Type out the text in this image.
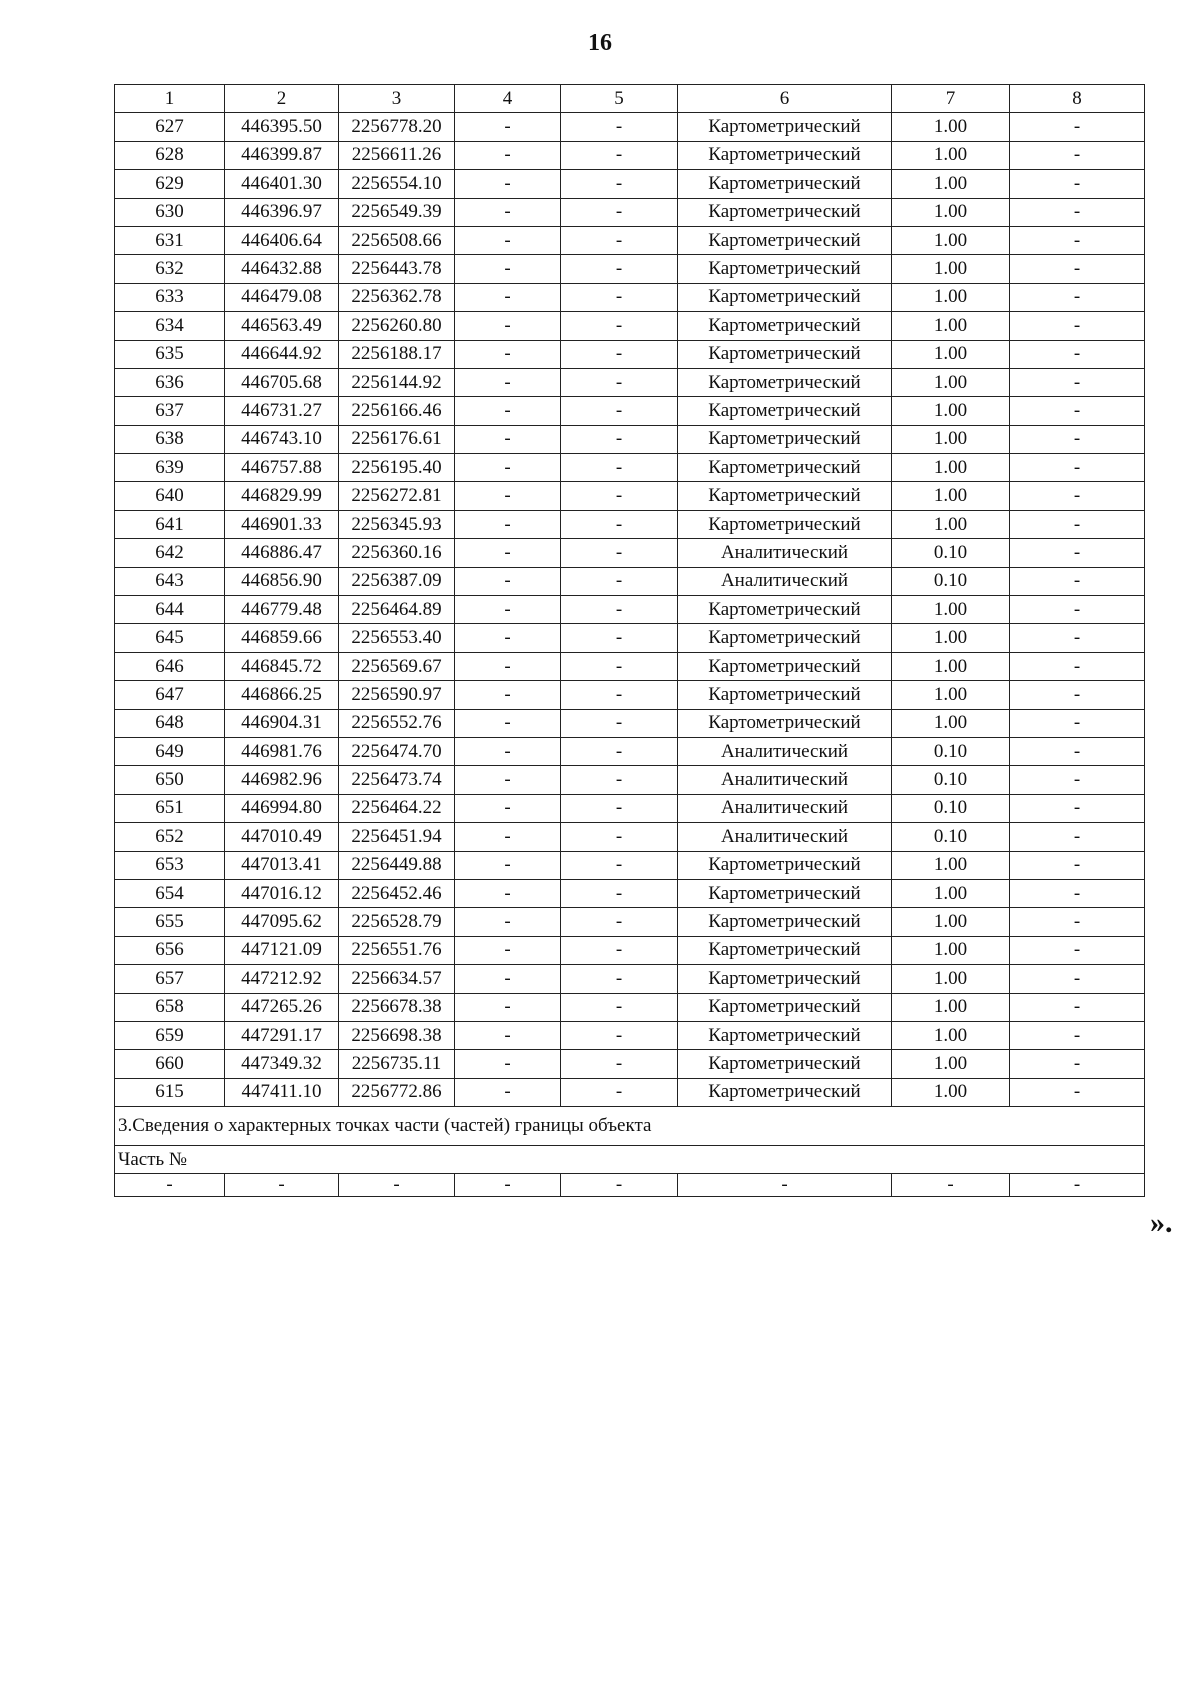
16
1	2	3	4	5	6	7	8
627	446395.50	2256778.20	-	-	Картометрический	1.00	-
628	446399.87	2256611.26	-	-	Картометрический	1.00	-
629	446401.30	2256554.10	-	-	Картометрический	1.00	-
630	446396.97	2256549.39	-	-	Картометрический	1.00	-
631	446406.64	2256508.66	-	-	Картометрический	1.00	-
632	446432.88	2256443.78	-	-	Картометрический	1.00	-
633	446479.08	2256362.78	-	-	Картометрический	1.00	-
634	446563.49	2256260.80	-	-	Картометрический	1.00	-
635	446644.92	2256188.17	-	-	Картометрический	1.00	-
636	446705.68	2256144.92	-	-	Картометрический	1.00	-
637	446731.27	2256166.46	-	-	Картометрический	1.00	-
638	446743.10	2256176.61	-	-	Картометрический	1.00	-
639	446757.88	2256195.40	-	-	Картометрический	1.00	-
640	446829.99	2256272.81	-	-	Картометрический	1.00	-
641	446901.33	2256345.93	-	-	Картометрический	1.00	-
642	446886.47	2256360.16	-	-	Аналитический	0.10	-
643	446856.90	2256387.09	-	-	Аналитический	0.10	-
644	446779.48	2256464.89	-	-	Картометрический	1.00	-
645	446859.66	2256553.40	-	-	Картометрический	1.00	-
646	446845.72	2256569.67	-	-	Картометрический	1.00	-
647	446866.25	2256590.97	-	-	Картометрический	1.00	-
648	446904.31	2256552.76	-	-	Картометрический	1.00	-
649	446981.76	2256474.70	-	-	Аналитический	0.10	-
650	446982.96	2256473.74	-	-	Аналитический	0.10	-
651	446994.80	2256464.22	-	-	Аналитический	0.10	-
652	447010.49	2256451.94	-	-	Аналитический	0.10	-
653	447013.41	2256449.88	-	-	Картометрический	1.00	-
654	447016.12	2256452.46	-	-	Картометрический	1.00	-
655	447095.62	2256528.79	-	-	Картометрический	1.00	-
656	447121.09	2256551.76	-	-	Картометрический	1.00	-
657	447212.92	2256634.57	-	-	Картометрический	1.00	-
658	447265.26	2256678.38	-	-	Картометрический	1.00	-
659	447291.17	2256698.38	-	-	Картометрический	1.00	-
660	447349.32	2256735.11	-	-	Картометрический	1.00	-
615	447411.10	2256772.86	-	-	Картометрический	1.00	-
3.Сведения о характерных точках части (частей) границы объекта							
Часть №							
-	-	-	-	-	-	-	-
».
